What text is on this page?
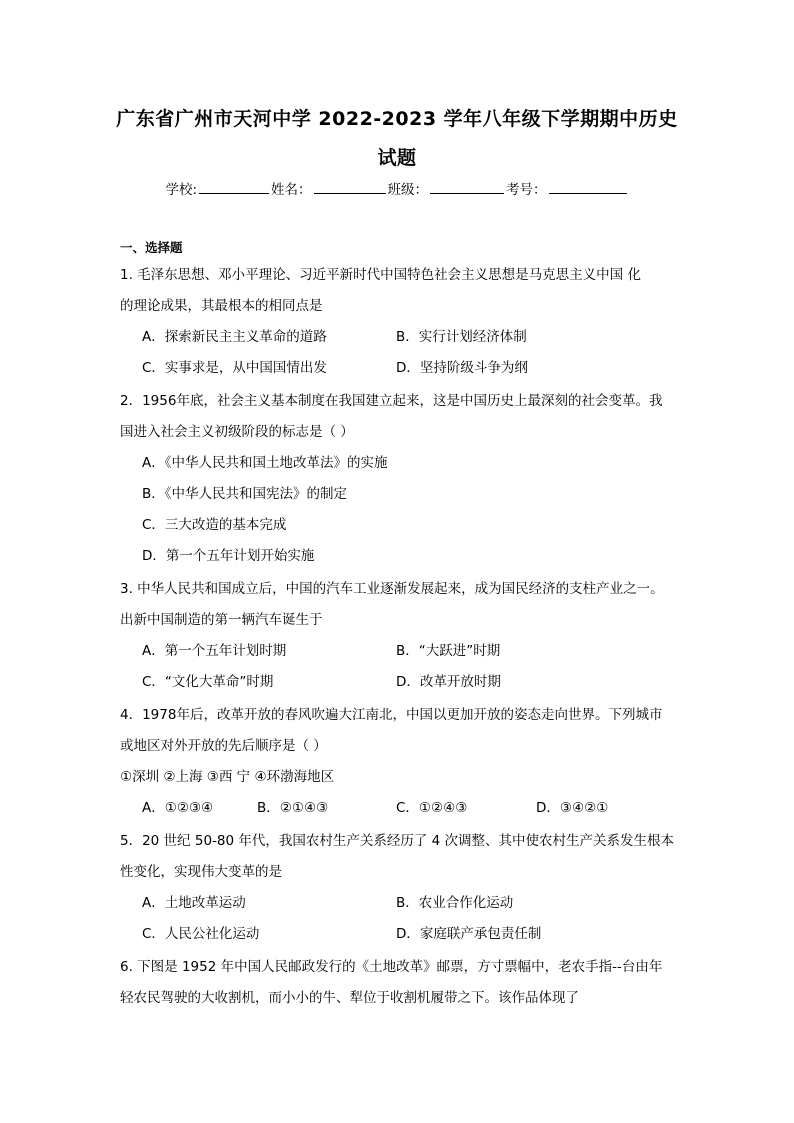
广东省广州市天河中学 2022-2023 学年八年级下学期期中历史
试题
学校:	姓名：	班级：	考号：
一、选择题
1. 毛泽东思想、邓小平理论、习近平新时代中国特色社会主义思想是马克思主义中国 化
的理论成果，其最根本的相同点是
A．探索新民主主义革命的道路	B．实行计划经济体制
C．实事求是，从中国国情出发	D．坚持阶级斗争为纲
2．1956年底，社会主义基本制度在我国建立起来，这是中国历史上最深刻的社会变革。我
国进入社会主义初级阶段的标志是（ ）
A．《中华人民共和国土地改革法》的实施
B．《中华人民共和国宪法》的制定
C．三大改造的基本完成
D．第一个五年计划开始实施
3. 中华人民共和国成立后，中国的汽车工业逐渐发展起来，成为国民经济的支柱产业之一。
出新中国制造的第一辆汽车诞生于
A．第一个五年计划时期	B．“大跃进”时期
C．“文化大革命”时期	D．改革开放时期
4．1978年后，改革开放的春风吹遍大江南北，中国以更加开放的姿态走向世界。下列城市
或地区对外开放的先后顺序是（ ）
①深圳 ②上海 ③西 宁 ④环渤海地区
A．①②③④	B．②①④③	C．①②④③	D．③④②①
5．20 世纪 50-80 年代，我国农村生产关系经历了 4 次调整、其中使农村生产关系发生根本
性变化，实现伟大变革的是
A．土地改革运动	B．农业合作化运动
C．人民公社化运动	D．家庭联产承包责任制
6. 下图是 1952 年中国人民邮政发行的《土地改革》邮票，方寸票幅中，老农手指--台由年
轻农民驾驶的大收割机，而小小的牛、犁位于收割机履带之下。该作品体现了
